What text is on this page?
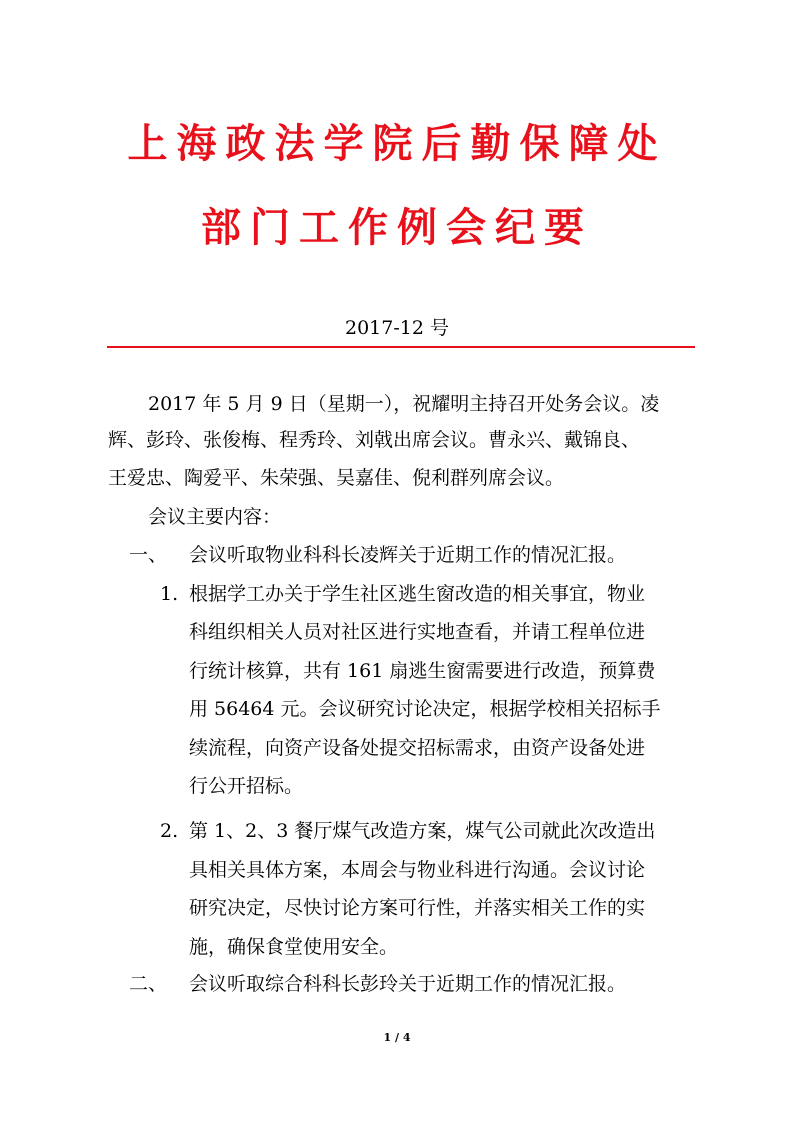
上海政法学院后勤保障处
部门工作例会纪要
2017-12 号
2017 年 5 月 9 日（星期一），祝耀明主持召开处务会议。凌
辉、彭玲、张俊梅、程秀玲、刘戟出席会议。曹永兴、戴锦良、
王爱忠、陶爱平、朱荣强、吴嘉佳、倪利群列席会议。
会议主要内容：
一、 会议听取物业科科长凌辉关于近期工作的情况汇报。
1. 根据学工办关于学生社区逃生窗改造的相关事宜，物业
科组织相关人员对社区进行实地查看，并请工程单位进
行统计核算，共有 161 扇逃生窗需要进行改造，预算费
用 56464 元。会议研究讨论决定，根据学校相关招标手
续流程，向资产设备处提交招标需求，由资产设备处进
行公开招标。
2. 第 1、2、3 餐厅煤气改造方案，煤气公司就此次改造出
具相关具体方案，本周会与物业科进行沟通。会议讨论
研究决定，尽快讨论方案可行性，并落实相关工作的实
施，确保食堂使用安全。
二、 会议听取综合科科长彭玲关于近期工作的情况汇报。
1 / 4
